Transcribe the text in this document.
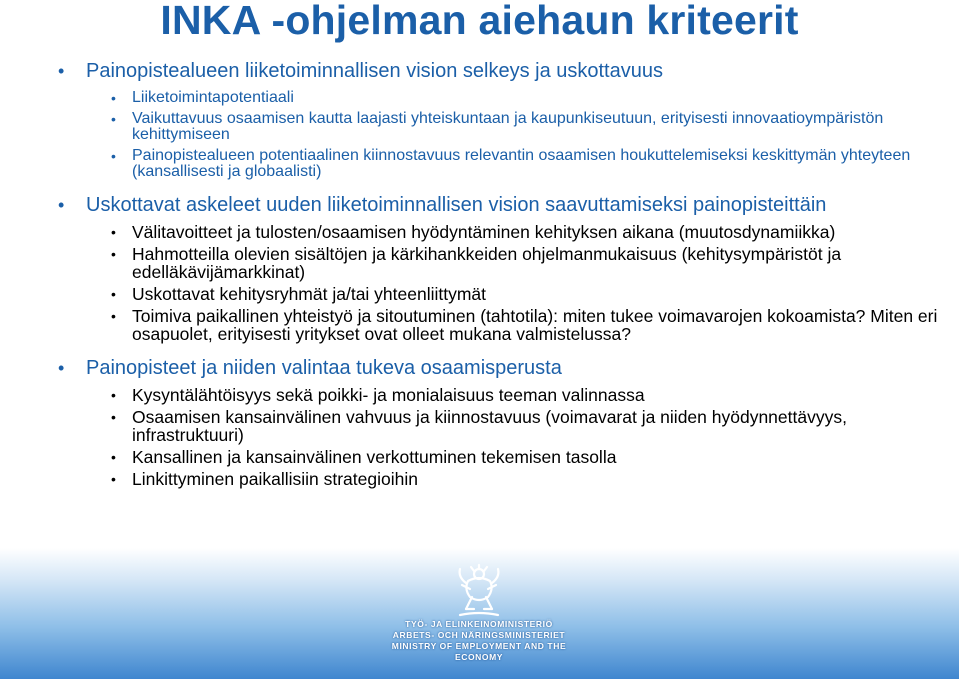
INKA -ohjelman aiehaun kriteerit
• Painopistealueen liiketoiminnallisen vision selkeys ja uskottavuus
• Liiketoimintapotentiaali
• Vaikuttavuus osaamisen kautta laajasti yhteiskuntaan ja kaupunkiseutuun, erityisesti innovaatioympäristön kehittymiseen
• Painopistealueen potentiaalinen kiinnostavuus relevantin osaamisen houkuttelemiseksi keskittymän yhteyteen (kansallisesti ja globaalisti)
• Uskottavat askeleet uuden liiketoiminnallisen vision saavuttamiseksi painopisteittäin
• Välitavoitteet ja tulosten/osaamisen hyödyntäminen kehityksen aikana (muutosdynamiikka)
• Hahmotteilla olevien sisältöjen ja kärkihankkeiden ohjelmanmukaisuus (kehitysympäristöt ja edelläkävijämarkkinat)
• Uskottavat kehitysryhmät ja/tai yhteenliittymät
• Toimiva paikallinen yhteistyö ja sitoutuminen (tahtotila): miten tukee voimavarojen kokoamista? Miten eri osapuolet, erityisesti yritykset ovat olleet mukana valmistelussa?
• Painopisteet ja niiden valintaa tukeva osaamisperusta
• Kysyntälähtöisyys sekä poikki- ja monialaisuus teeman valinnassa
• Osaamisen kansainvälinen vahvuus ja kiinnostavuus (voimavarat ja niiden hyödynnettävyys, infrastruktuuri)
• Kansallinen ja kansainvälinen verkottuminen tekemisen tasolla
• Linkittyminen paikallisiin strategioihin
TYÖ- JA ELINKEINOMINISTERIÖ
ARBETS- OCH NÄRINGSMINISTERIET
MINISTRY OF EMPLOYMENT AND THE ECONOMY
